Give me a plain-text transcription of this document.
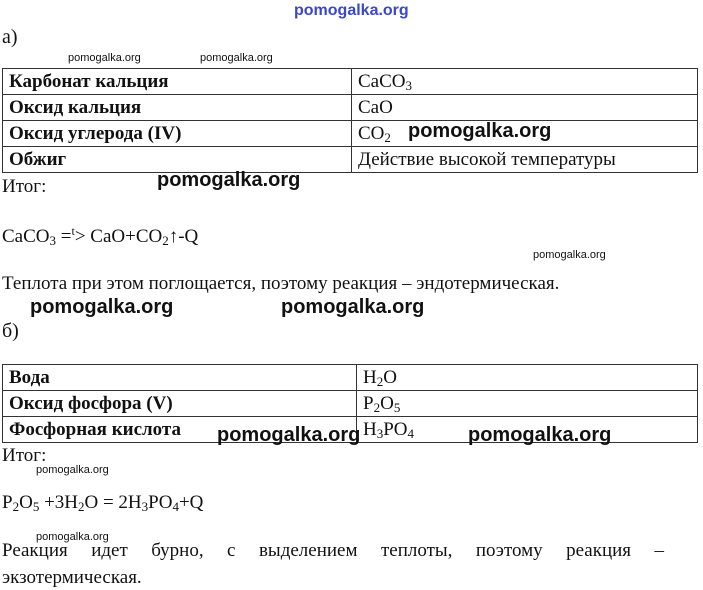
pomogalka.org
а)
pomogalka.org	pomogalka.org
Карбонат кальция	CaCO$_3$
Оксид кальция	CaO
Оксид углерода (IV)	$CO_2$
Обжиг	Действие высокой температуры
pomogalka.org
Итог:	pomogalka.org
CaCO$_3$ $=^t> CaO+CO_2↑-Q$
pomogalka.org
Теплота при этом поглощается, поэтому реакция – эндотермическая.
pomogalka.org	pomogalka.org
б)
Вода	$H_2O$
Оксид фосфора (V)	$P_2O_5$
Фосфорная кислота	$H_3PO_4$
pomogalka.org	pomogalka.org
Итог:
pomogalka.org
$P_2O_5 +3H_2O = 2H_3PO_4+Q$
pomogalka.org
Реакция идет бурно, с выделением теплоты, поэтому реакция –
экзотермическая.
